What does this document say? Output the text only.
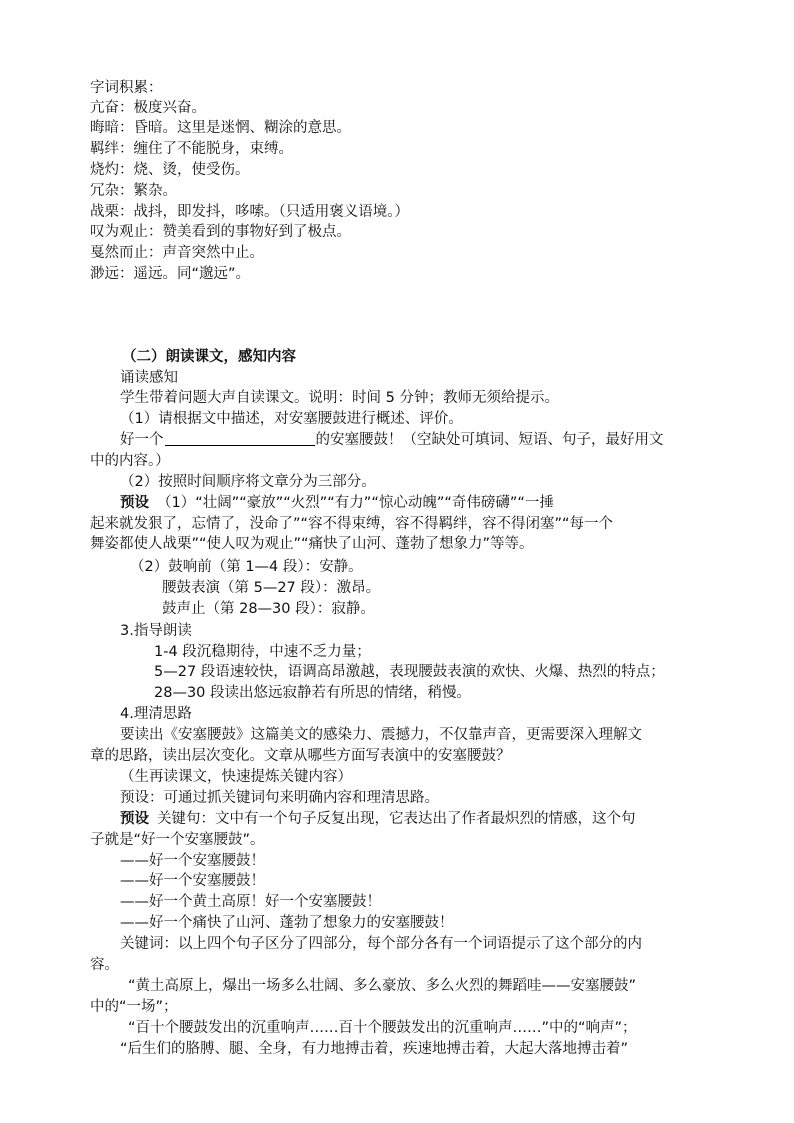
字词积累：
亢奋：极度兴奋。
晦暗：昏暗。这里是迷惘、糊涂的意思。
羁绊：缠住了不能脱身，束缚。
烧灼：烧、烫，使受伤。
冗杂：繁杂。
战栗：战抖，即发抖，哆嗦。（只适用褒义语境。）
叹为观止：赞美看到的事物好到了极点。
戛然而止：声音突然中止。
渺远：遥远。同“邈远”。
（二）朗读课文，感知内容
诵读感知
学生带着问题大声自读课文。说明：时间 5 分钟；教师无须给提示。
（1）请根据文中描述，对安塞腰鼓进行概述、评价。
好一个	的安塞腰鼓！（空缺处可填词、短语、句子，最好用文
中的内容。）
（2）按照时间顺序将文章分为三部分。
预设 （1）“壮阔”“豪放”“火烈”“有力”“惊心动魄”“奇伟磅礴”“一捶
起来就发狠了，忘情了，没命了”“容不得束缚，容不得羁绊，容不得闭塞”“每一个
舞姿都使人战栗”“使人叹为观止”“痛快了山河、蓬勃了想象力”等等。
（2）鼓响前（第 1—4 段）：安静。
腰鼓表演（第 5—27 段）：激昂。
鼓声止（第 28—30 段）：寂静。
3.指导朗读
1-4 段沉稳期待，中速不乏力量；
5—27 段语速较快，语调高昂激越，表现腰鼓表演的欢快、火爆、热烈的特点；
28—30 段读出悠远寂静若有所思的情绪，稍慢。
4.理清思路
要读出《安塞腰鼓》这篇美文的感染力、震撼力，不仅靠声音，更需要深入理解文
章的思路，读出层次变化。文章从哪些方面写表演中的安塞腰鼓？
（生再读课文，快速提炼关键内容）
预设：可通过抓关键词句来明确内容和理清思路。
预设 关键句：文中有一个句子反复出现，它表达出了作者最炽烈的情感，这个句
子就是“好一个安塞腰鼓”。
——好一个安塞腰鼓！
——好一个安塞腰鼓！
——好一个黄土高原！好一个安塞腰鼓！
——好一个痛快了山河、蓬勃了想象力的安塞腰鼓！
关键词：以上四个句子区分了四部分，每个部分各有一个词语提示了这个部分的内
容。
“黄土高原上，爆出一场多么壮阔、多么豪放、多么火烈的舞蹈哇——安塞腰鼓”
中的“一场”；
“百十个腰鼓发出的沉重响声……百十个腰鼓发出的沉重响声……”中的“响声”；
“后生们的胳膊、腿、全身，有力地搏击着，疾速地搏击着，大起大落地搏击着”
